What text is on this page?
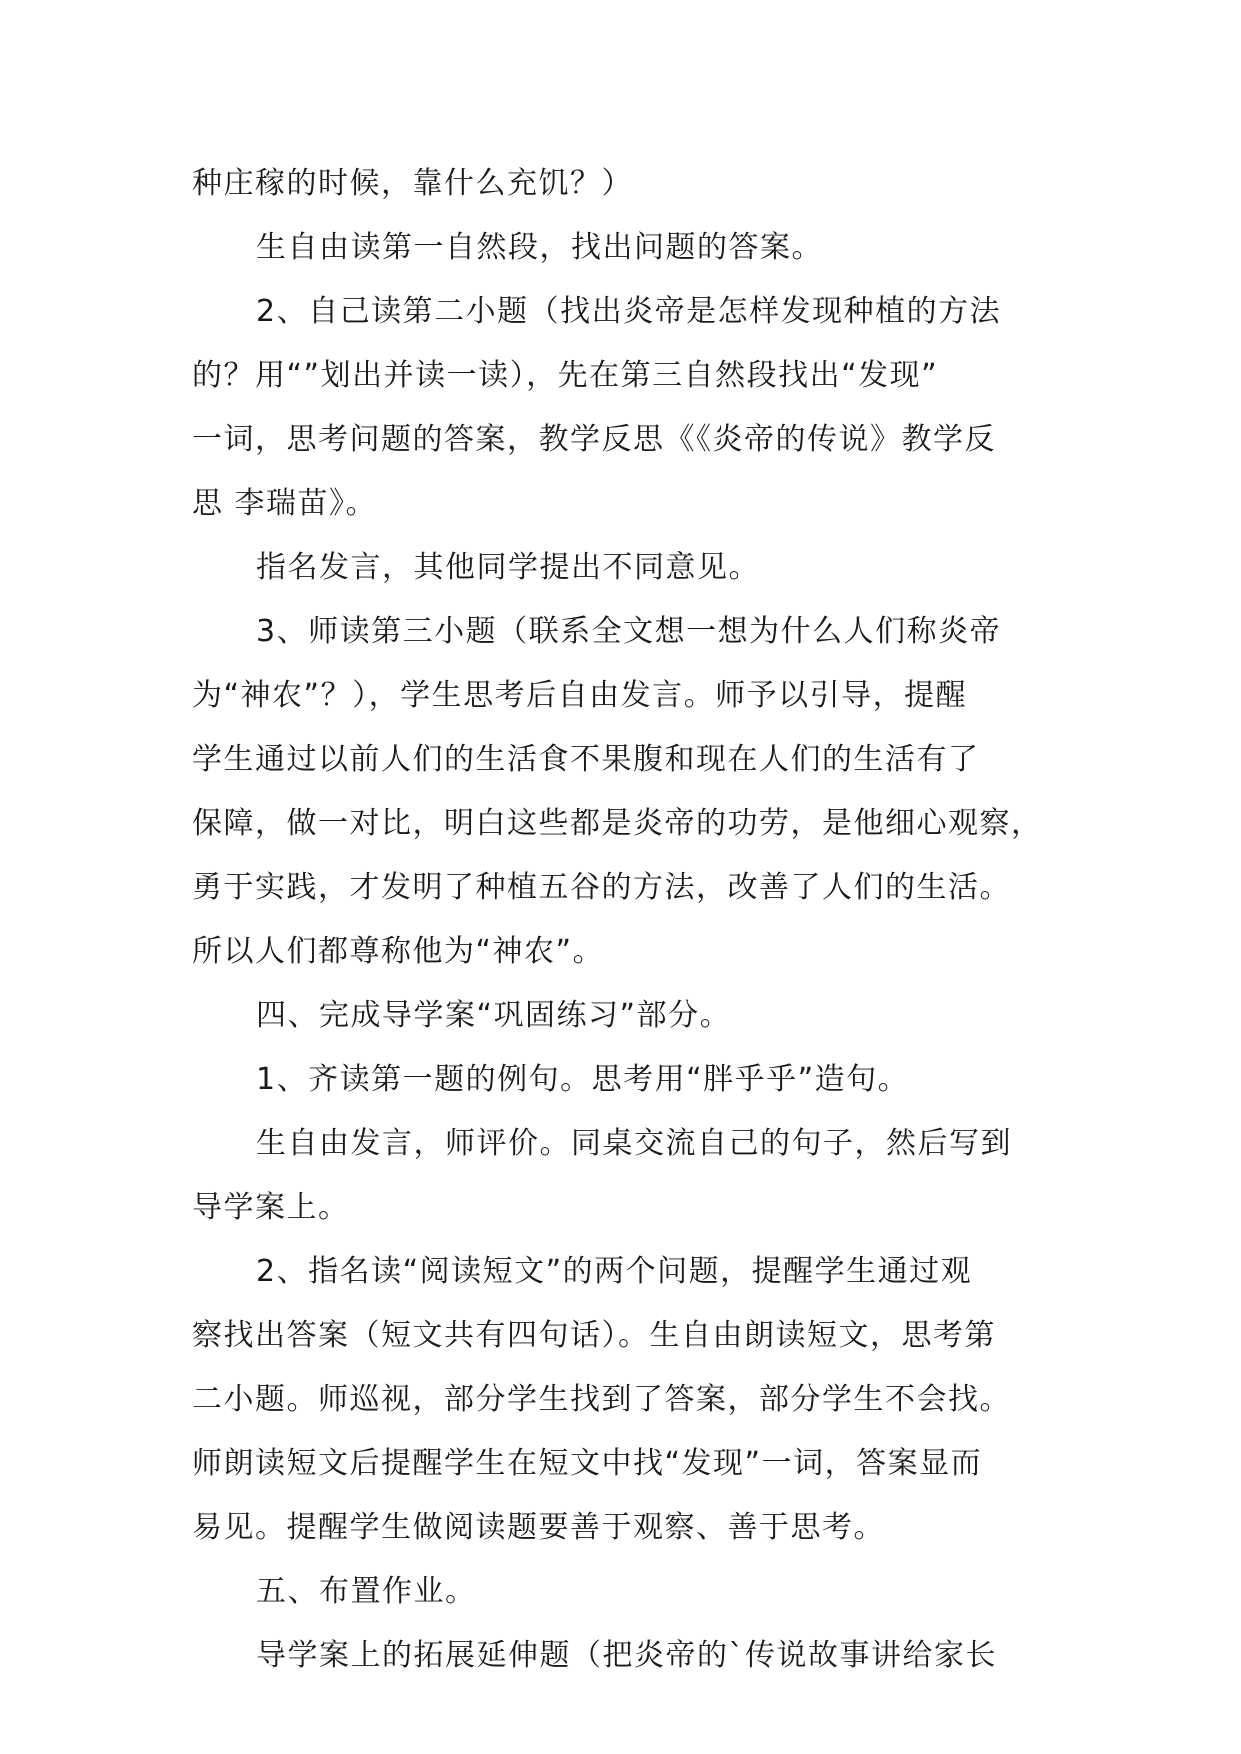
种庄稼的时候，靠什么充饥？）
生自由读第一自然段，找出问题的答案。
2、自己读第二小题（找出炎帝是怎样发现种植的方法
的？用“”划出并读一读），先在第三自然段找出“发现”
一词，思考问题的答案，教学反思《《炎帝的传说》教学反
思 李瑞苗》。
指名发言，其他同学提出不同意见。
3、师读第三小题（联系全文想一想为什么人们称炎帝
为“神农”？），学生思考后自由发言。师予以引导，提醒
学生通过以前人们的生活食不果腹和现在人们的生活有了
保障，做一对比，明白这些都是炎帝的功劳，是他细心观察，
勇于实践，才发明了种植五谷的方法，改善了人们的生活。
所以人们都尊称他为“神农”。
四、完成导学案“巩固练习”部分。
1、齐读第一题的例句。思考用“胖乎乎”造句。
生自由发言，师评价。同桌交流自己的句子，然后写到
导学案上。
2、指名读“阅读短文”的两个问题，提醒学生通过观
察找出答案（短文共有四句话）。生自由朗读短文，思考第
二小题。师巡视，部分学生找到了答案，部分学生不会找。
师朗读短文后提醒学生在短文中找“发现”一词，答案显而
易见。提醒学生做阅读题要善于观察、善于思考。
五、布置作业。
导学案上的拓展延伸题（把炎帝的`传说故事讲给家长
